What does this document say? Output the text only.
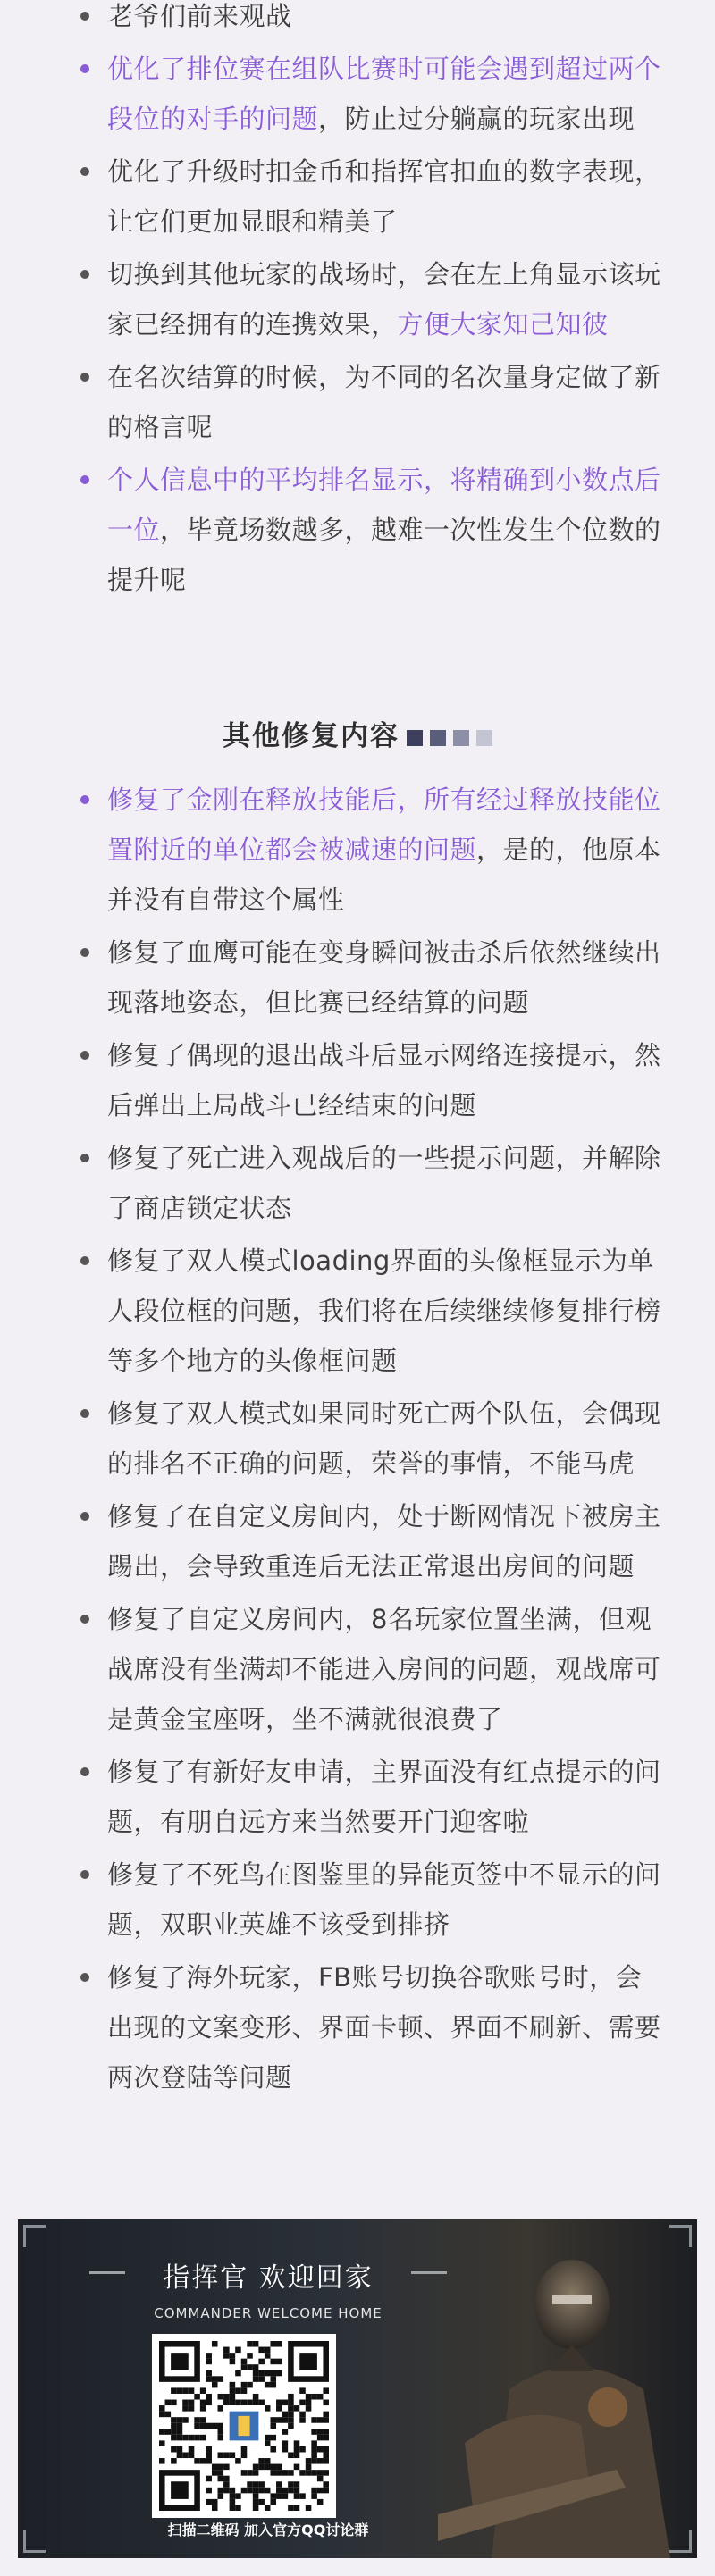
老爷们前来观战
优化了排位赛在组队比赛时可能会遇到超过两个段位的对手的问题，防止过分躺赢的玩家出现
优化了升级时扣金币和指挥官扣血的数字表现，让它们更加显眼和精美了
切换到其他玩家的战场时，会在左上角显示该玩家已经拥有的连携效果，方便大家知己知彼
在名次结算的时候，为不同的名次量身定做了新的格言呢
个人信息中的平均排名显示，将精确到小数点后一位，毕竟场数越多，越难一次性发生个位数的提升呢
其他修复内容
修复了金刚在释放技能后，所有经过释放技能位置附近的单位都会被减速的问题，是的，他原本并没有自带这个属性
修复了血鹰可能在变身瞬间被击杀后依然继续出现落地姿态，但比赛已经结算的问题
修复了偶现的退出战斗后显示网络连接提示，然后弹出上局战斗已经结束的问题
修复了死亡进入观战后的一些提示问题，并解除了商店锁定状态
修复了双人模式loading界面的头像框显示为单人段位框的问题，我们将在后续继续修复排行榜等多个地方的头像框问题
修复了双人模式如果同时死亡两个队伍，会偶现的排名不正确的问题，荣誉的事情，不能马虎
修复了在自定义房间内，处于断网情况下被房主踢出，会导致重连后无法正常退出房间的问题
修复了自定义房间内，8名玩家位置坐满，但观战席没有坐满却不能进入房间的问题，观战席可是黄金宝座呀，坐不满就很浪费了
修复了有新好友申请，主界面没有红点提示的问题，有朋自远方来当然要开门迎客啦
修复了不死鸟在图鉴里的异能页签中不显示的问题，双职业英雄不该受到排挤
修复了海外玩家，FB账号切换谷歌账号时，会出现的文案变形、界面卡顿、界面不刷新、需要两次登陆等问题
指挥官 欢迎回家
COMMANDER WELCOME HOME
扫描二维码 加入官方QQ讨论群
